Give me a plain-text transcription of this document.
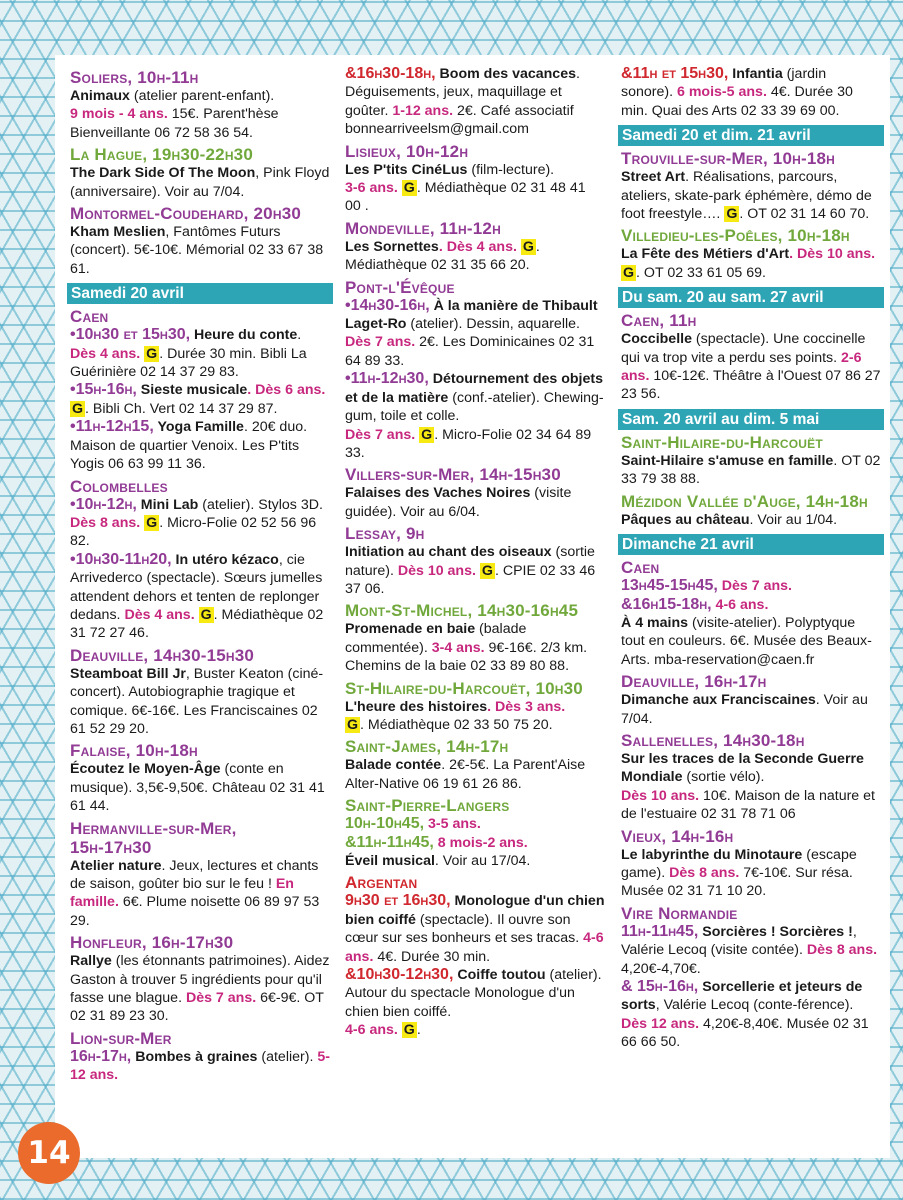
Soliers, 10h-11h

Animaux (atelier parent-enfant).
9 mois - 4 ans. 15€. Parent'hèse Bienveillante 06 72 58 36 54.

La Hague, 19h30-22h30

The Dark Side Of The Moon, Pink Floyd (anniversaire). Voir au 7/04.

Montormel-Coudehard, 20h30

Kham Meslien, Fantômes Futurs (concert). 5€-10€. Mémorial 02 33 67 38 61.

Samedi 20 avril
Caen

•10h30 et 15h30, Heure du conte. Dès 4 ans. G . Durée 30 min. Bibli La Guérinière 02 14 37 29 83.

•15h-16h, Sieste musicale. Dès 6 ans. G . Bibli Ch. Vert 02 14 37 29 87.

•11h-12h15, Yoga Famille. 20€ duo. Maison de quartier Venoix. Les P'tits Yogis 06 63 99 11 36.

Colombelles

•10h-12h, Mini Lab (atelier). Stylos 3D. Dès 8 ans. G . Micro-Folie 02 52 56 96 82.

•10h30-11h20, In utéro kézaco, cie Arrivederco (spectacle). Sœurs jumelles attendent dehors et tenten de replonger dedans. Dès 4 ans. G . Médiathèque 02 31 72 27 46.

Deauville, 14h30-15h30

Steamboat Bill Jr, Buster Keaton (ciné-concert). Autobiographie tragique et comique. 6€-16€. Les Franciscaines 02 61 52 29 20.

Falaise, 10h-18h

Écoutez le Moyen-Âge (conte en musique). 3,5€-9,50€. Château 02 31 41 61 44.

Hermanville-sur-Mer,
15h-17h30

Atelier nature. Jeux, lectures et chants de saison, goûter bio sur le feu ! En famille. 6€. Plume noisette 06 89 97 53 29.

Honfleur, 16h-17h30

Rallye (les étonnants patrimoines). Aidez Gaston à trouver 5 ingrédients pour qu'il fasse une blague. Dès 7 ans. 6€-9€. OT 02 31 89 23 30.

Lion-sur-Mer

16h-17h, Bombes à graines (atelier). 5-12 ans.

&16h30-18h, Boom des vacances. Déguisements, jeux, maquillage et goûter. 1-12 ans. 2€. Café associatif bonnearriveelsm@gmail.com

Lisieux, 10h-12h

Les P'tits CinéLus (film-lecture).
3-6 ans. G . Médiathèque 02 31 48 41 00 .

Mondeville, 11h-12h

Les Sornettes. Dès 4 ans. G . Médiathèque 02 31 35 66 20.

Pont-l'Évêque

•14h30-16h, À la manière de Thibault Laget-Ro (atelier). Dessin, aquarelle. Dès 7 ans. 2€. Les Dominicaines 02 31 64 89 33.

•11h-12h30, Détournement des objets et de la matière (conf.-atelier). Chewing-gum, toile et colle.
Dès 7 ans. G . Micro-Folie 02 34 64 89 33.

Villers-sur-Mer, 14h-15h30

Falaises des Vaches Noires (visite guidée). Voir au 6/04.

Lessay, 9h

Initiation au chant des oiseaux (sortie nature). Dès 10 ans. G . CPIE 02 33 46 37 06.

Mont-St-Michel, 14h30-16h45

Promenade en baie (balade commentée). 3-4 ans. 9€-16€. 2/3 km. Chemins de la baie 02 33 89 80 88.

St-Hilaire-du-Harcouët, 10h30

L'heure des histoires. Dès 3 ans.
G . Médiathèque 02 33 50 75 20.

Saint-James, 14h-17h

Balade contée. 2€-5€. La Parent'Aise Alter-Native 06 19 61 26 86.

Saint-Pierre-Langers

10h-10h45, 3-5 ans.
&11h-11h45, 8 mois-2 ans.
Éveil musical. Voir au 17/04.

Argentan

9h30 et 16h30, Monologue d'un chien bien coiffé (spectacle). Il ouvre son cœur sur ses bonheurs et ses tracas. 4-6 ans. 4€. Durée 30 min.

&10h30-12h30, Coiffe toutou (atelier). Autour du spectacle Monologue d'un chien bien coiffé.
4-6 ans. G .

&11h et 15h30, Infantia (jardin sonore). 6 mois-5 ans. 4€. Durée 30 min. Quai des Arts 02 33 39 69 00.

Samedi 20 et dim. 21 avril
Trouville-sur-Mer, 10h-18h

Street Art. Réalisations, parcours, ateliers, skate-park éphémère, démo de foot freestyle…. G . OT 02 31 14 60 70.

Villedieu-les-Poêles, 10h-18h

La Fête des Métiers d'Art. Dès 10 ans. G . OT 02 33 61 05 69.

Du sam. 20 au sam. 27 avril
Caen, 11h

Coccibelle (spectacle). Une coccinelle qui va trop vite a perdu ses points. 2-6 ans. 10€-12€. Théâtre à l'Ouest 07 86 27 23 56.

Sam. 20 avril au dim. 5 mai
Saint-Hilaire-du-Harcouët

Saint-Hilaire s'amuse en famille. OT 02 33 79 38 88.

Mézidon Vallée d'Auge, 14h-18h

Pâques au château. Voir au 1/04.

Dimanche 21 avril
Caen

13h45-15h45, Dès 7 ans.
&16h15-18h, 4-6 ans.
À 4 mains (visite-atelier). Polyptyque tout en couleurs. 6€. Musée des Beaux-Arts. mba-reservation@caen.fr

Deauville, 16h-17h

Dimanche aux Franciscaines. Voir au 7/04.

Sallenelles, 14h30-18h

Sur les traces de la Seconde Guerre Mondiale (sortie vélo).
Dès 10 ans. 10€. Maison de la nature et de l'estuaire 02 31 78 71 06

Vieux, 14h-16h

Le labyrinthe du Minotaure (escape game). Dès 8 ans. 7€-10€. Sur résa. Musée 02 31 71 10 20.

Vire Normandie

11h-11h45, Sorcières ! Sorcières !, Valérie Lecoq (visite contée). Dès 8 ans. 4,20€-4,70€.

& 15h-16h, Sorcellerie et jeteurs de sorts, Valérie Lecoq (conte-férence). Dès 12 ans. 4,20€-8,40€. Musée 02 31 66 66 50.

14
